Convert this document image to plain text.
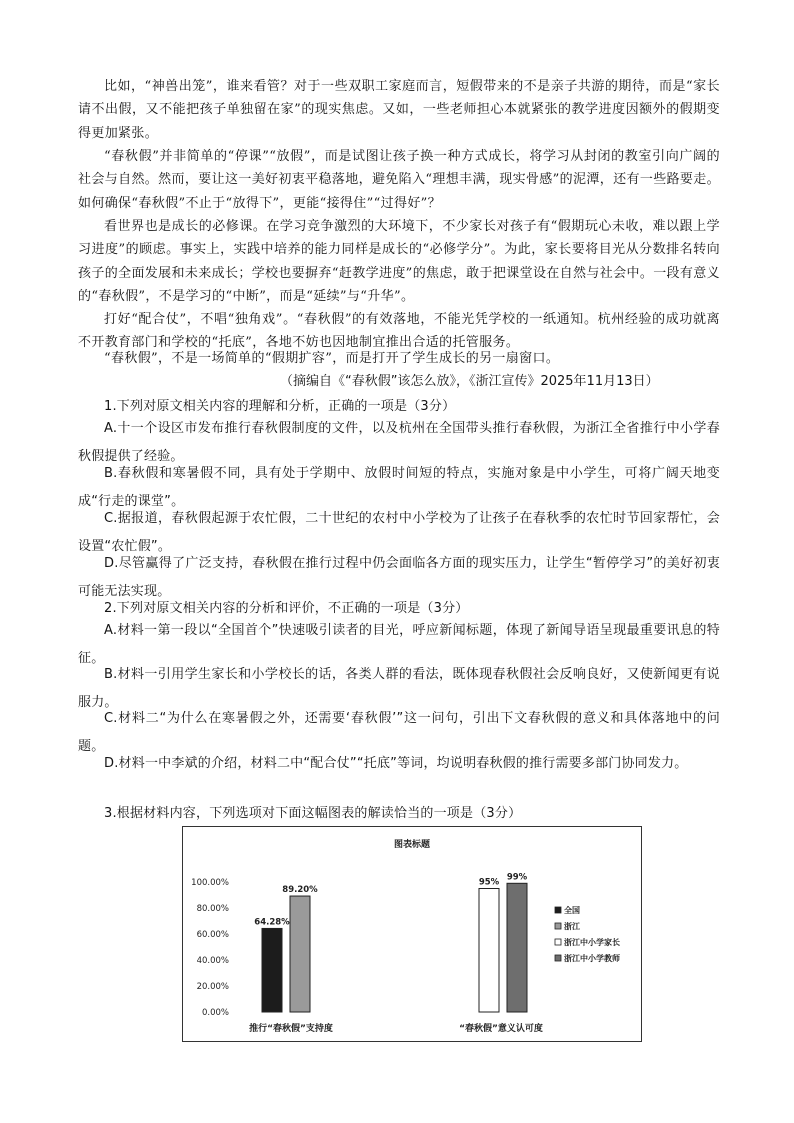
比如，“神兽出笼”，谁来看管？对于一些双职工家庭而言，短假带来的不是亲子共游的期待，而是“家长请不出假，又不能把孩子单独留在家”的现实焦虑。又如，一些老师担心本就紧张的教学进度因额外的假期变得更加紧张。

“春秋假”并非简单的“停课”“放假”，而是试图让孩子换一种方式成长，将学习从封闭的教室引向广阔的社会与自然。然而，要让这一美好初衷平稳落地，避免陷入“理想丰满，现实骨感”的泥潭，还有一些路要走。如何确保“春秋假”不止于“放得下”，更能“接得住”“过得好”？

看世界也是成长的必修课。在学习竞争激烈的大环境下，不少家长对孩子有“假期玩心未收，难以跟上学习进度”的顾虑。事实上，实践中培养的能力同样是成长的“必修学分”。为此，家长要将目光从分数排名转向孩子的全面发展和未来成长；学校也要摒弃“赶教学进度”的焦虑，敢于把课堂设在自然与社会中。一段有意义的“春秋假”，不是学习的“中断”，而是“延续”与“升华”。

打好“配合仗”，不唱“独角戏”。“春秋假”的有效落地，不能光凭学校的一纸通知。杭州经验的成功就离不开教育部门和学校的“托底”，各地不妨也因地制宜推出合适的托管服务。

“春秋假”，不是一场简单的“假期扩容”，而是打开了学生成长的另一扇窗口。

（摘编自《“春秋假”该怎么放》，《浙江宣传》2025年11月13日）

1.下列对原文相关内容的理解和分析，正确的一项是（3分）

A.十一个设区市发布推行春秋假制度的文件，以及杭州在全国带头推行春秋假，为浙江全省推行中小学春秋假提供了经验。

B.春秋假和寒暑假不同，具有处于学期中、放假时间短的特点，实施对象是中小学生，可将广阔天地变成“行走的课堂”。

C.据报道，春秋假起源于农忙假，二十世纪的农村中小学校为了让孩子在春秋季的农忙时节回家帮忙，会设置“农忙假”。

D.尽管赢得了广泛支持，春秋假在推行过程中仍会面临各方面的现实压力，让学生“暂停学习”的美好初衷可能无法实现。

2.下列对原文相关内容的分析和评价，不正确的一项是（3分）

A.材料一第一段以“全国首个”快速吸引读者的目光，呼应新闻标题，体现了新闻导语呈现最重要讯息的特征。

B.材料一引用学生家长和小学校长的话，各类人群的看法，既体现春秋假社会反响良好，又使新闻更有说服力。

C.材料二“为什么在寒暑假之外，还需要‘春秋假’”这一问句，引出下文春秋假的意义和具体落地中的问题。

D.材料一中李斌的介绍，材料二中“配合仗”“托底”等词，均说明春秋假的推行需要多部门协同发力。

3.根据材料内容，下列选项对下面这幅图表的解读恰当的一项是（3分）

图表标题
0.00%
20.00%
40.00%
60.00%
80.00%
100.00%
64.28%
89.20%
95%
99%
推行“春秋假”支持度	“春秋假”意义认可度
全国
浙江
浙江中小学家长
浙江中小学教师
